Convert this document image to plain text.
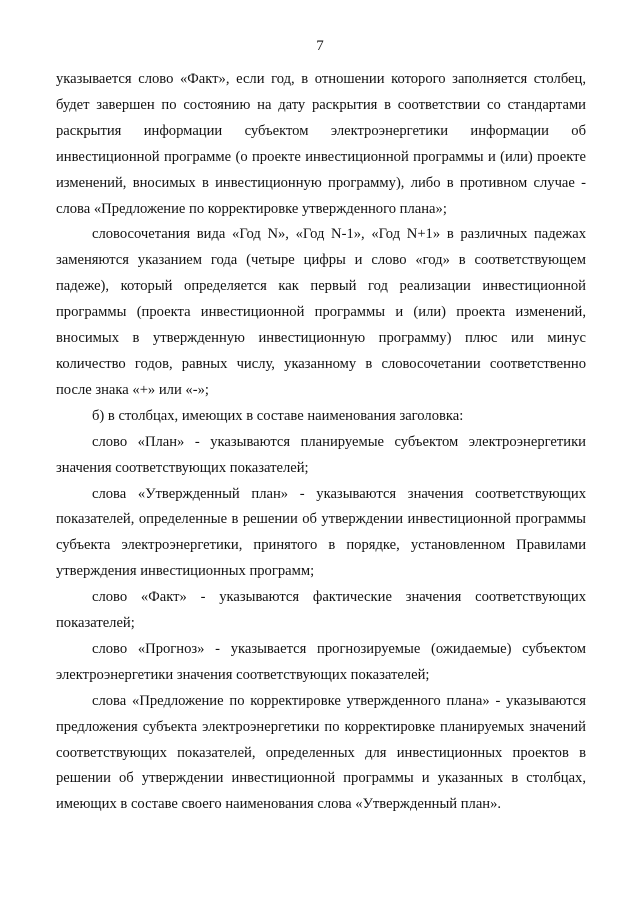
7

указывается слово «Факт», если год, в отношении которого заполняется столбец, будет завершен по состоянию на дату раскрытия в соответствии со стандартами раскрытия информации субъектом электроэнергетики информации об инвестиционной программе (о проекте инвестиционной программы и (или) проекте изменений, вносимых в инвестиционную программу), либо в противном случае - слова «Предложение по корректировке утвержденного плана»;

словосочетания вида «Год N», «Год N-1», «Год N+1» в различных падежах заменяются указанием года (четыре цифры и слово «год» в соответствующем падеже), который определяется как первый год реализации инвестиционной программы (проекта инвестиционной программы и (или) проекта изменений, вносимых в утвержденную инвестиционную программу) плюс или минус количество годов, равных числу, указанному в словосочетании соответственно после знака «+» или «-»;

б) в столбцах, имеющих в составе наименования заголовка:

слово «План» - указываются планируемые субъектом электроэнергетики значения соответствующих показателей;

слова «Утвержденный план» - указываются значения соответствующих показателей, определенные в решении об утверждении инвестиционной программы субъекта электроэнергетики, принятого в порядке, установленном Правилами утверждения инвестиционных программ;

слово «Факт» - указываются фактические значения соответствующих показателей;

слово «Прогноз» - указывается прогнозируемые (ожидаемые) субъектом электроэнергетики значения соответствующих показателей;

слова «Предложение по корректировке утвержденного плана» - указываются предложения субъекта электроэнергетики по корректировке планируемых значений соответствующих показателей, определенных для инвестиционных проектов в решении об утверждении инвестиционной программы и указанных в столбцах, имеющих в составе своего наименования слова «Утвержденный план».
